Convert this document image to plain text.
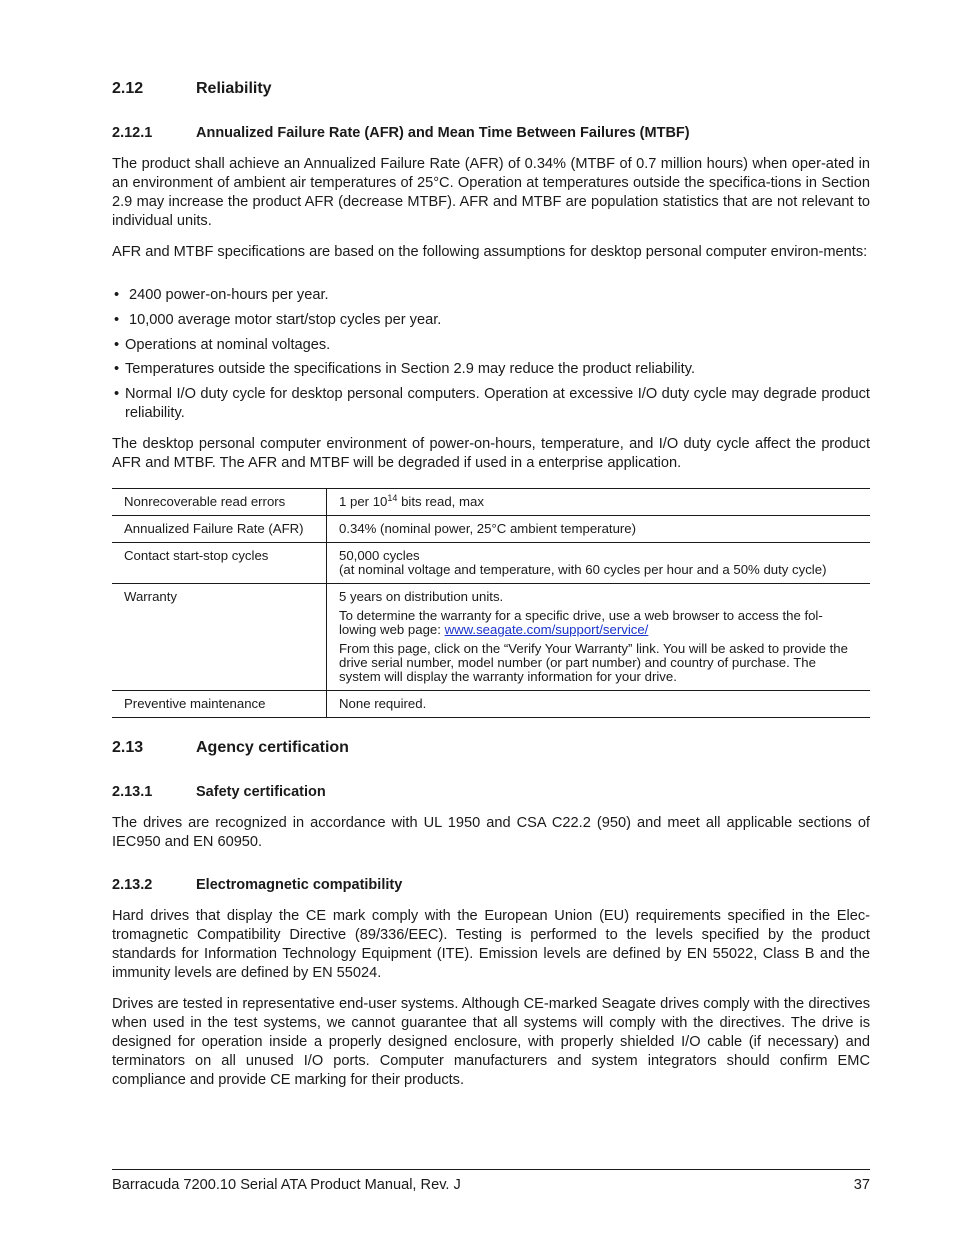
2.12	Reliability
2.12.1	Annualized Failure Rate (AFR) and Mean Time Between Failures (MTBF)
The product shall achieve an Annualized Failure Rate (AFR) of 0.34% (MTBF of 0.7 million hours) when oper-ated in an environment of ambient air temperatures of 25°C. Operation at temperatures outside the specifica-tions in Section 2.9 may increase the product AFR (decrease MTBF). AFR and MTBF are population statistics that are not relevant to individual units.
AFR and MTBF specifications are based on the following assumptions for desktop personal computer environ-ments:
• 2400 power-on-hours per year.
• 10,000 average motor start/stop cycles per year.
• Operations at nominal voltages.
• Temperatures outside the specifications in Section 2.9 may reduce the product reliability.
• Normal I/O duty cycle for desktop personal computers. Operation at excessive I/O duty cycle may degrade product reliability.
The desktop personal computer environment of power-on-hours, temperature, and I/O duty cycle affect the product AFR and MTBF. The AFR and MTBF will be degraded if used in a enterprise application.
Nonrecoverable read errors	1 per $10^{14}$ bits read, max
Annualized Failure Rate (AFR)	0.34% (nominal power, 25°C ambient temperature)
Contact start-stop cycles	50,000 cycles
(at nominal voltage and temperature, with 60 cycles per hour and a 50% duty cycle)

Warranty	5 years on distribution units.
To determine the warranty for a specific drive, use a web browser to access the fol-lowing web page: www.seagate.com/support/service/
From this page, click on the “Verify Your Warranty” link. You will be asked to provide the drive serial number, model number (or part number) and country of purchase. The system will display the warranty information for your drive.

Preventive maintenance	None required.
2.13	Agency certification
2.13.1	Safety certification
The drives are recognized in accordance with UL 1950 and CSA C22.2 (950) and meet all applicable sections of IEC950 and EN 60950.
2.13.2	Electromagnetic compatibility
Hard drives that display the CE mark comply with the European Union (EU) requirements specified in the Elec-tromagnetic Compatibility Directive (89/336/EEC). Testing is performed to the levels specified by the product standards for Information Technology Equipment (ITE). Emission levels are defined by EN 55022, Class B and the immunity levels are defined by EN 55024.
Drives are tested in representative end-user systems. Although CE-marked Seagate drives comply with the directives when used in the test systems, we cannot guarantee that all systems will comply with the directives. The drive is designed for operation inside a properly designed enclosure, with properly shielded I/O cable (if necessary) and terminators on all unused I/O ports. Computer manufacturers and system integrators should confirm EMC compliance and provide CE marking for their products.
Barracuda 7200.10 Serial ATA Product Manual, Rev. J	37
